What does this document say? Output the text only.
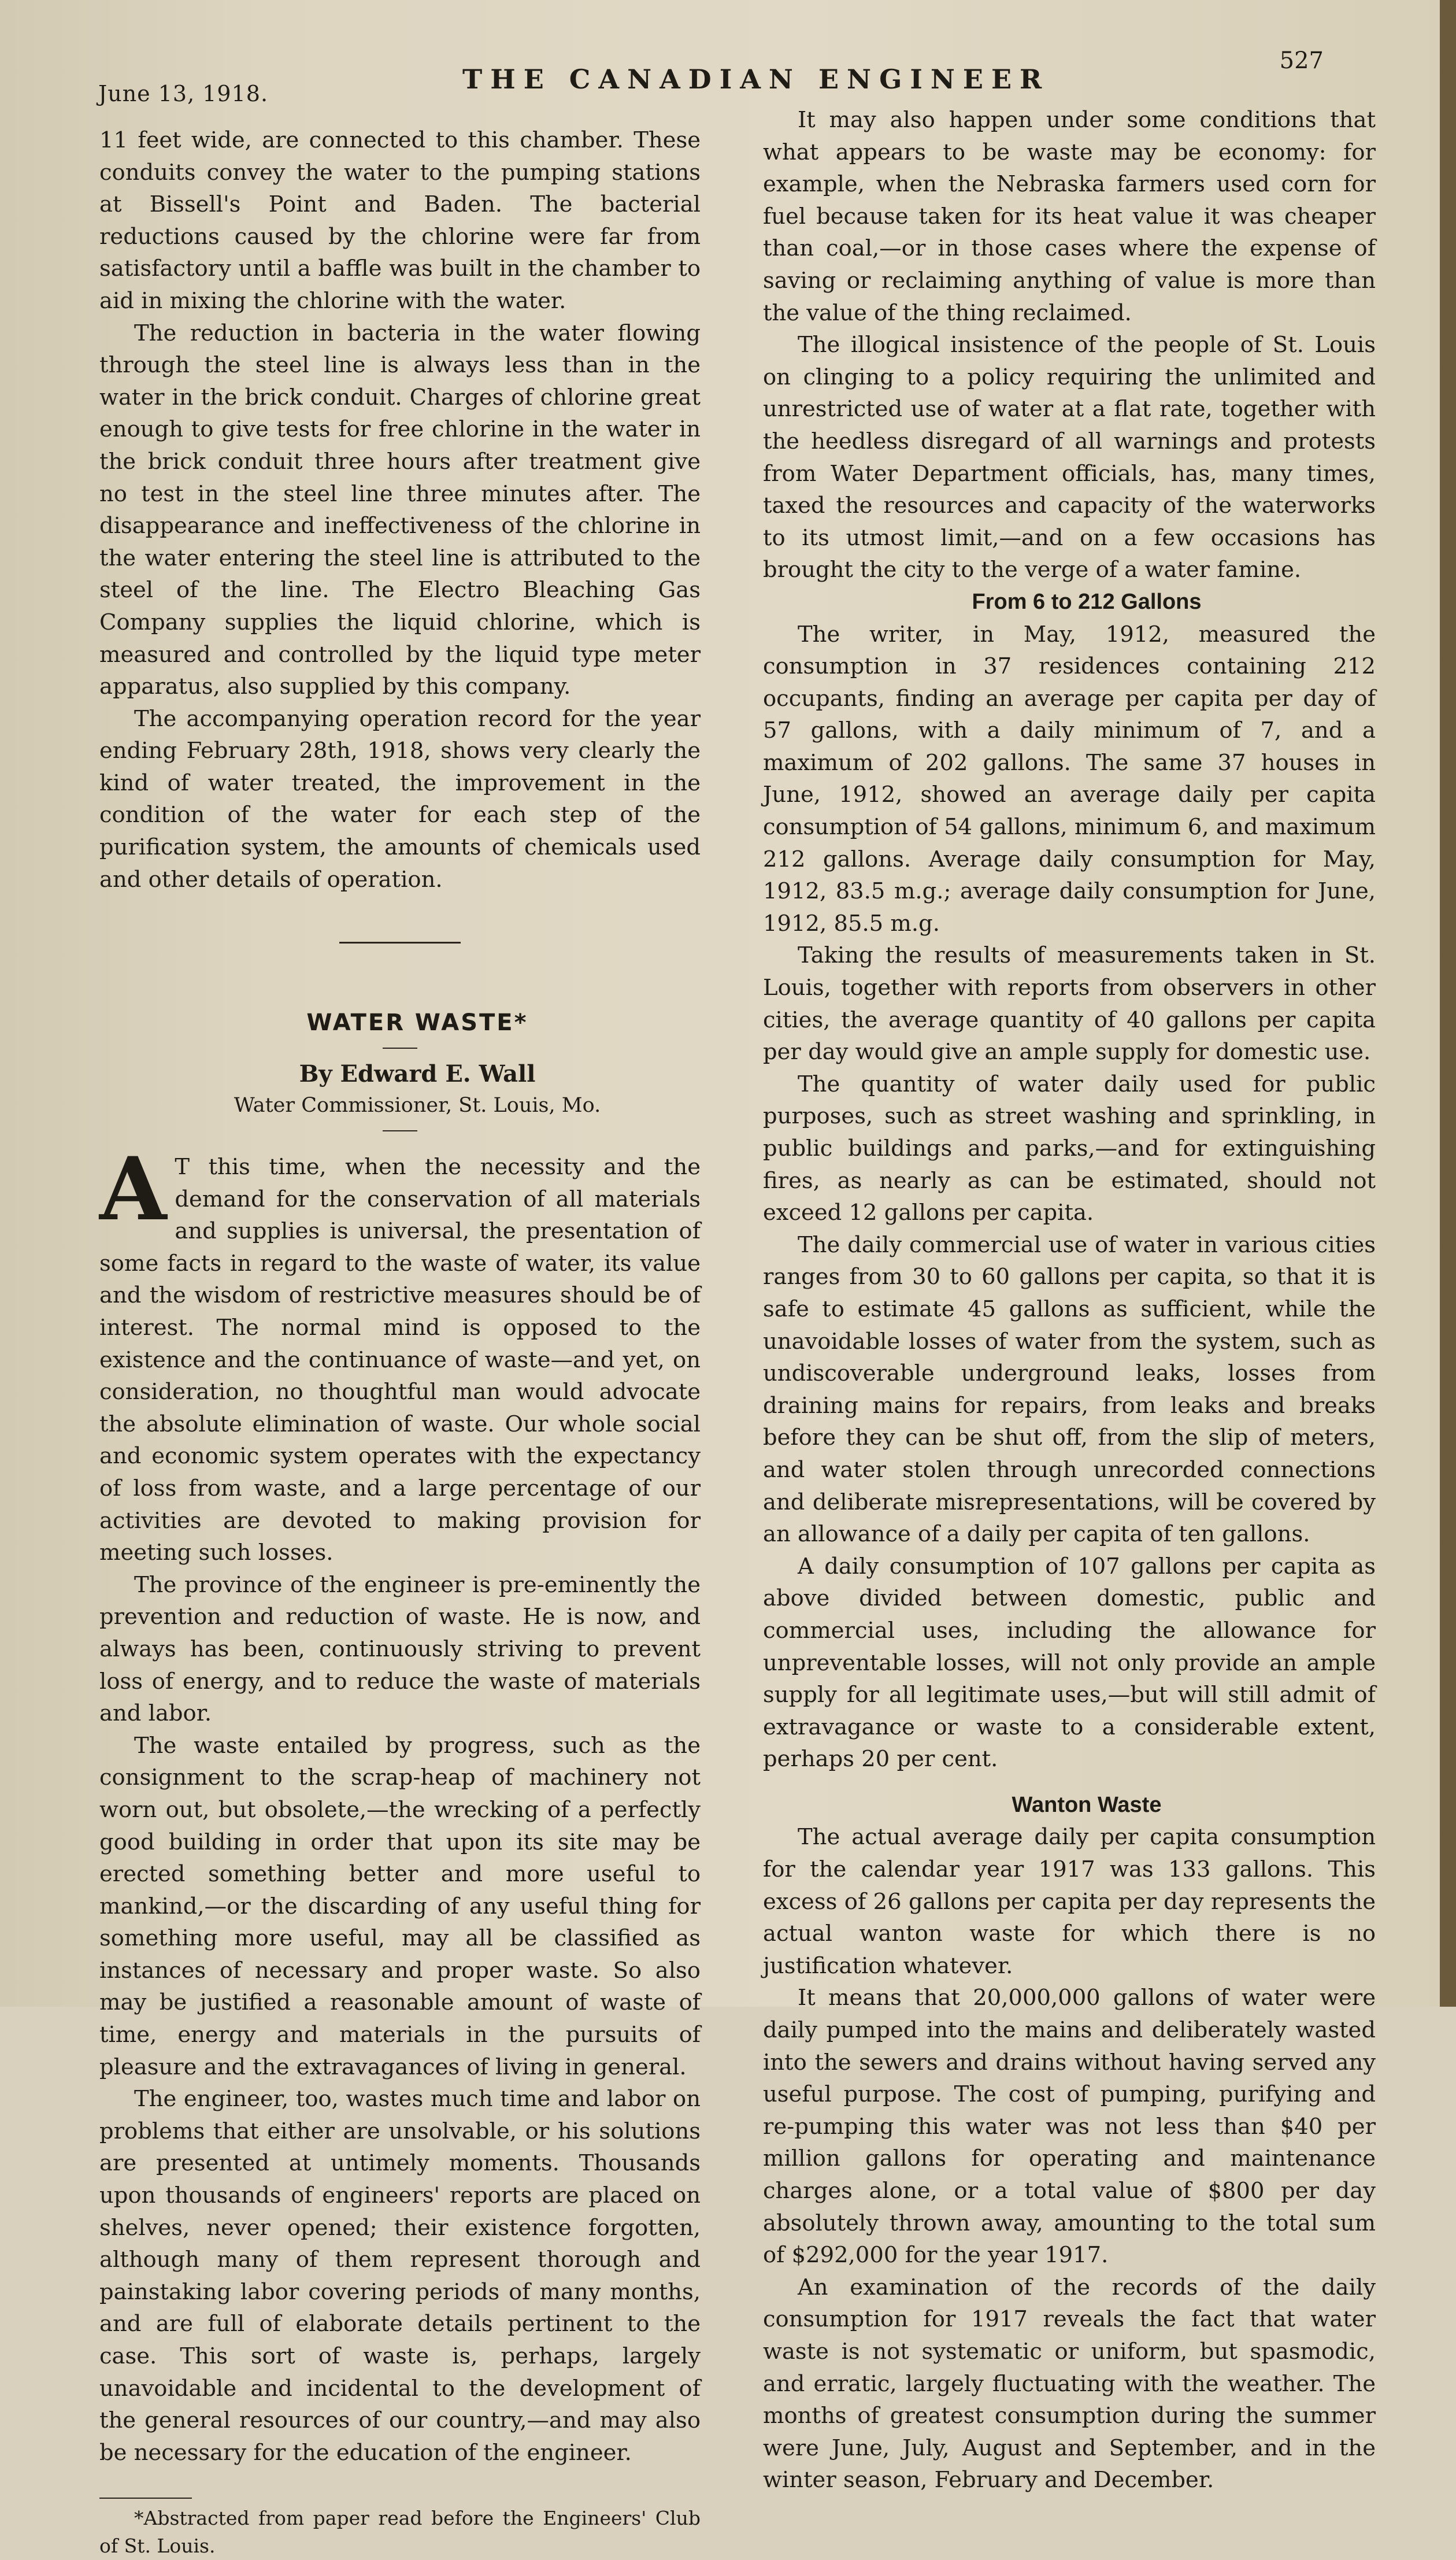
June 13, 1918.	THE CANADIAN ENGINEER
527

11 feet wide, are connected to this chamber. These conduits convey the water to the pumping stations at Bissell's Point and Baden. The bacterial reductions caused by the chlorine were far from satisfactory until a baffle was built in the chamber to aid in mixing the chlorine with the water.

The reduction in bacteria in the water flowing through the steel line is always less than in the water in the brick conduit. Charges of chlorine great enough to give tests for free chlorine in the water in the brick conduit three hours after treatment give no test in the steel line three minutes after. The disappearance and ineffectiveness of the chlorine in the water entering the steel line is attributed to the steel of the line. The Electro Bleaching Gas Company supplies the liquid chlorine, which is measured and controlled by the liquid type meter apparatus, also supplied by this company.

The accompanying operation record for the year ending February 28th, 1918, shows very clearly the kind of water treated, the improvement in the condition of the water for each step of the purification system, the amounts of chemicals used and other details of operation.

WATER WASTE*

By Edward E. Wall

Water Commissioner, St. Louis, Mo.

A T this time, when the necessity and the demand for the conservation of all materials and supplies is universal, the presentation of some facts in regard to the waste of water, its value and the wisdom of restrictive measures should be of interest. The normal mind is opposed to the existence and the continuance of waste—and yet, on consideration, no thoughtful man would advocate the absolute elimination of waste. Our whole social and economic system operates with the expectancy of loss from waste, and a large percentage of our activities are devoted to making provision for meeting such losses.

The province of the engineer is pre-eminently the prevention and reduction of waste. He is now, and always has been, continuously striving to prevent loss of energy, and to reduce the waste of materials and labor.

The waste entailed by progress, such as the consignment to the scrap-heap of machinery not worn out, but obsolete,—the wrecking of a perfectly good building in order that upon its site may be erected something better and more useful to mankind,—or the discarding of any useful thing for something more useful, may all be classified as instances of necessary and proper waste. So also may be justified a reasonable amount of waste of time, energy and materials in the pursuits of pleasure and the extravagances of living in general.

The engineer, too, wastes much time and labor on problems that either are unsolvable, or his solutions are presented at untimely moments. Thousands upon thousands of engineers' reports are placed on shelves, never opened; their existence forgotten, although many of them represent thorough and painstaking labor covering periods of many months, and are full of elaborate details pertinent to the case. This sort of waste is, perhaps, largely unavoidable and incidental to the development of the general resources of our country,—and may also be necessary for the education of the engineer.

*Abstracted from paper read before the Engineers' Club of St. Louis.

It may also happen under some conditions that what appears to be waste may be economy: for example, when the Nebraska farmers used corn for fuel because taken for its heat value it was cheaper than coal,—or in those cases where the expense of saving or reclaiming anything of value is more than the value of the thing reclaimed.

The illogical insistence of the people of St. Louis on clinging to a policy requiring the unlimited and unrestricted use of water at a flat rate, together with the heedless disregard of all warnings and protests from Water Department officials, has, many times, taxed the resources and capacity of the waterworks to its utmost limit,—and on a few occasions has brought the city to the verge of a water famine.

From 6 to 212 Gallons

The writer, in May, 1912, measured the consumption in 37 residences containing 212 occupants, finding an average per capita per day of 57 gallons, with a daily minimum of 7, and a maximum of 202 gallons. The same 37 houses in June, 1912, showed an average daily per capita consumption of 54 gallons, minimum 6, and maximum 212 gallons. Average daily consumption for May, 1912, 83.5 m.g.; average daily consumption for June, 1912, 85.5 m.g.

Taking the results of measurements taken in St. Louis, together with reports from observers in other cities, the average quantity of 40 gallons per capita per day would give an ample supply for domestic use.

The quantity of water daily used for public purposes, such as street washing and sprinkling, in public buildings and parks,—and for extinguishing fires, as nearly as can be estimated, should not exceed 12 gallons per capita.

The daily commercial use of water in various cities ranges from 30 to 60 gallons per capita, so that it is safe to estimate 45 gallons as sufficient, while the unavoidable losses of water from the system, such as undiscoverable underground leaks, losses from draining mains for repairs, from leaks and breaks before they can be shut off, from the slip of meters, and water stolen through unrecorded connections and deliberate misrepresentations, will be covered by an allowance of a daily per capita of ten gallons.

A daily consumption of 107 gallons per capita as above divided between domestic, public and commercial uses, including the allowance for unpreventable losses, will not only provide an ample supply for all legitimate uses,—but will still admit of extravagance or waste to a considerable extent, perhaps 20 per cent.

Wanton Waste

The actual average daily per capita consumption for the calendar year 1917 was 133 gallons. This excess of 26 gallons per capita per day represents the actual wanton waste for which there is no justification whatever.

It means that 20,000,000 gallons of water were daily pumped into the mains and deliberately wasted into the sewers and drains without having served any useful purpose. The cost of pumping, purifying and re-pumping this water was not less than $40 per million gallons for operating and maintenance charges alone, or a total value of $800 per day absolutely thrown away, amounting to the total sum of $292,000 for the year 1917.

An examination of the records of the daily consumption for 1917 reveals the fact that water waste is not systematic or uniform, but spasmodic, and erratic, largely fluctuating with the weather. The months of greatest consumption during the summer were June, July, August and September, and in the winter season, February and December.
